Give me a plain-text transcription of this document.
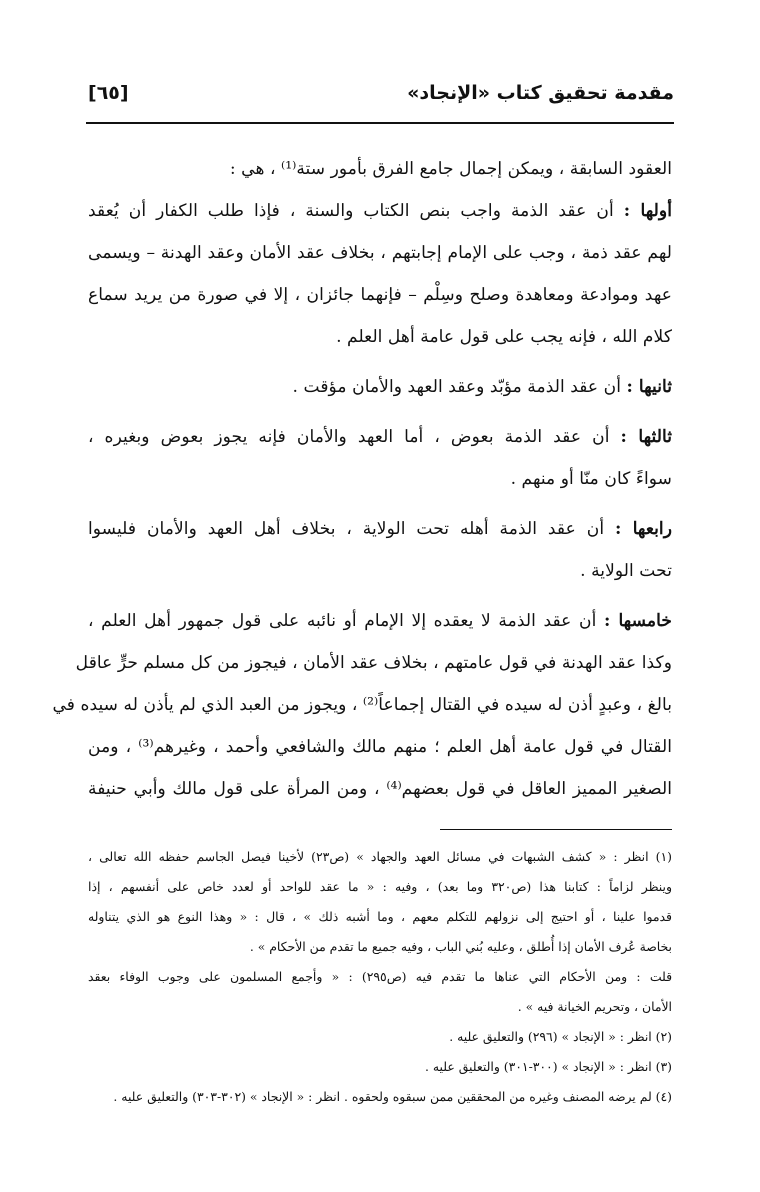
مقدمة تحقيق كتاب «الإنجاد»
[٦٥]
العقود السابقة ، ويمكن إجمال جامع الفرق بأمور ستة⁽¹⁾ ، هي :
أولها : أن عقد الذمة واجب بنص الكتاب والسنة ، فإذا طلب الكفار أن يُعقد
لهم عقد ذمة ، وجب على الإمام إجابتهم ، بخلاف عقد الأمان وعقد الهدنة – ويسمى
عهد وموادعة ومعاهدة وصلح وسِلْم – فإنهما جائزان ، إلا في صورة من يريد سماع
كلام الله ، فإنه يجب على قول عامة أهل العلم .
ثانيها : أن عقد الذمة مؤبّد وعقد العهد والأمان مؤقت .
ثالثها : أن عقد الذمة بعوض ، أما العهد والأمان فإنه يجوز بعوض وبغيره ،
سواءً كان منّا أو منهم .
رابعها : أن عقد الذمة أهله تحت الولاية ، بخلاف أهل العهد والأمان فليسوا
تحت الولاية .
خامسها : أن عقد الذمة لا يعقده إلا الإمام أو نائبه على قول جمهور أهل العلم ،
وكذا عقد الهدنة في قول عامتهم ، بخلاف عقد الأمان ، فيجوز من كل مسلم حرٍّ عاقل
بالغ ، وعبدٍ أذن له سيده في القتال إجماعاً⁽²⁾ ، ويجوز من العبد الذي لم يأذن له سيده في
القتال في قول عامة أهل العلم ؛ منهم مالك والشافعي وأحمد ، وغيرهم⁽³⁾ ، ومن
الصغير المميز العاقل في قول بعضهم⁽⁴⁾ ، ومن المرأة على قول مالك وأبي حنيفة
(١) انظر : « كشف الشبهات في مسائل العهد والجهاد » (ص٢٣) لأخينا فيصل الجاسم حفظه الله تعالى ،
وينظر لزاماً : كتابنا هذا (ص٣٢٠ وما بعد) ، وفيه : « ما عقد للواحد أو لعدد خاص على أنفسهم ، إذا
قدموا علينا ، أو احتيج إلى نزولهم للتكلم معهم ، وما أشبه ذلك » ، قال : « وهذا النوع هو الذي يتناوله
بخاصة عُرف الأمان إذا أُطلق ، وعليه بُني الباب ، وفيه جميع ما تقدم من الأحكام » .
قلت : ومن الأحكام التي عناها ما تقدم فيه (ص٢٩٥) : « وأجمع المسلمون على وجوب الوفاء بعقد
الأمان ، وتحريم الخيانة فيه » .
(٢) انظر : « الإنجاد » (٢٩٦) والتعليق عليه .
(٣) انظر : « الإنجاد » (٣٠٠-٣٠١) والتعليق عليه .
(٤) لم يرضه المصنف وغيره من المحققين ممن سبقوه ولحقوه . انظر : « الإنجاد » (٣٠٢-٣٠٣) والتعليق عليه .
